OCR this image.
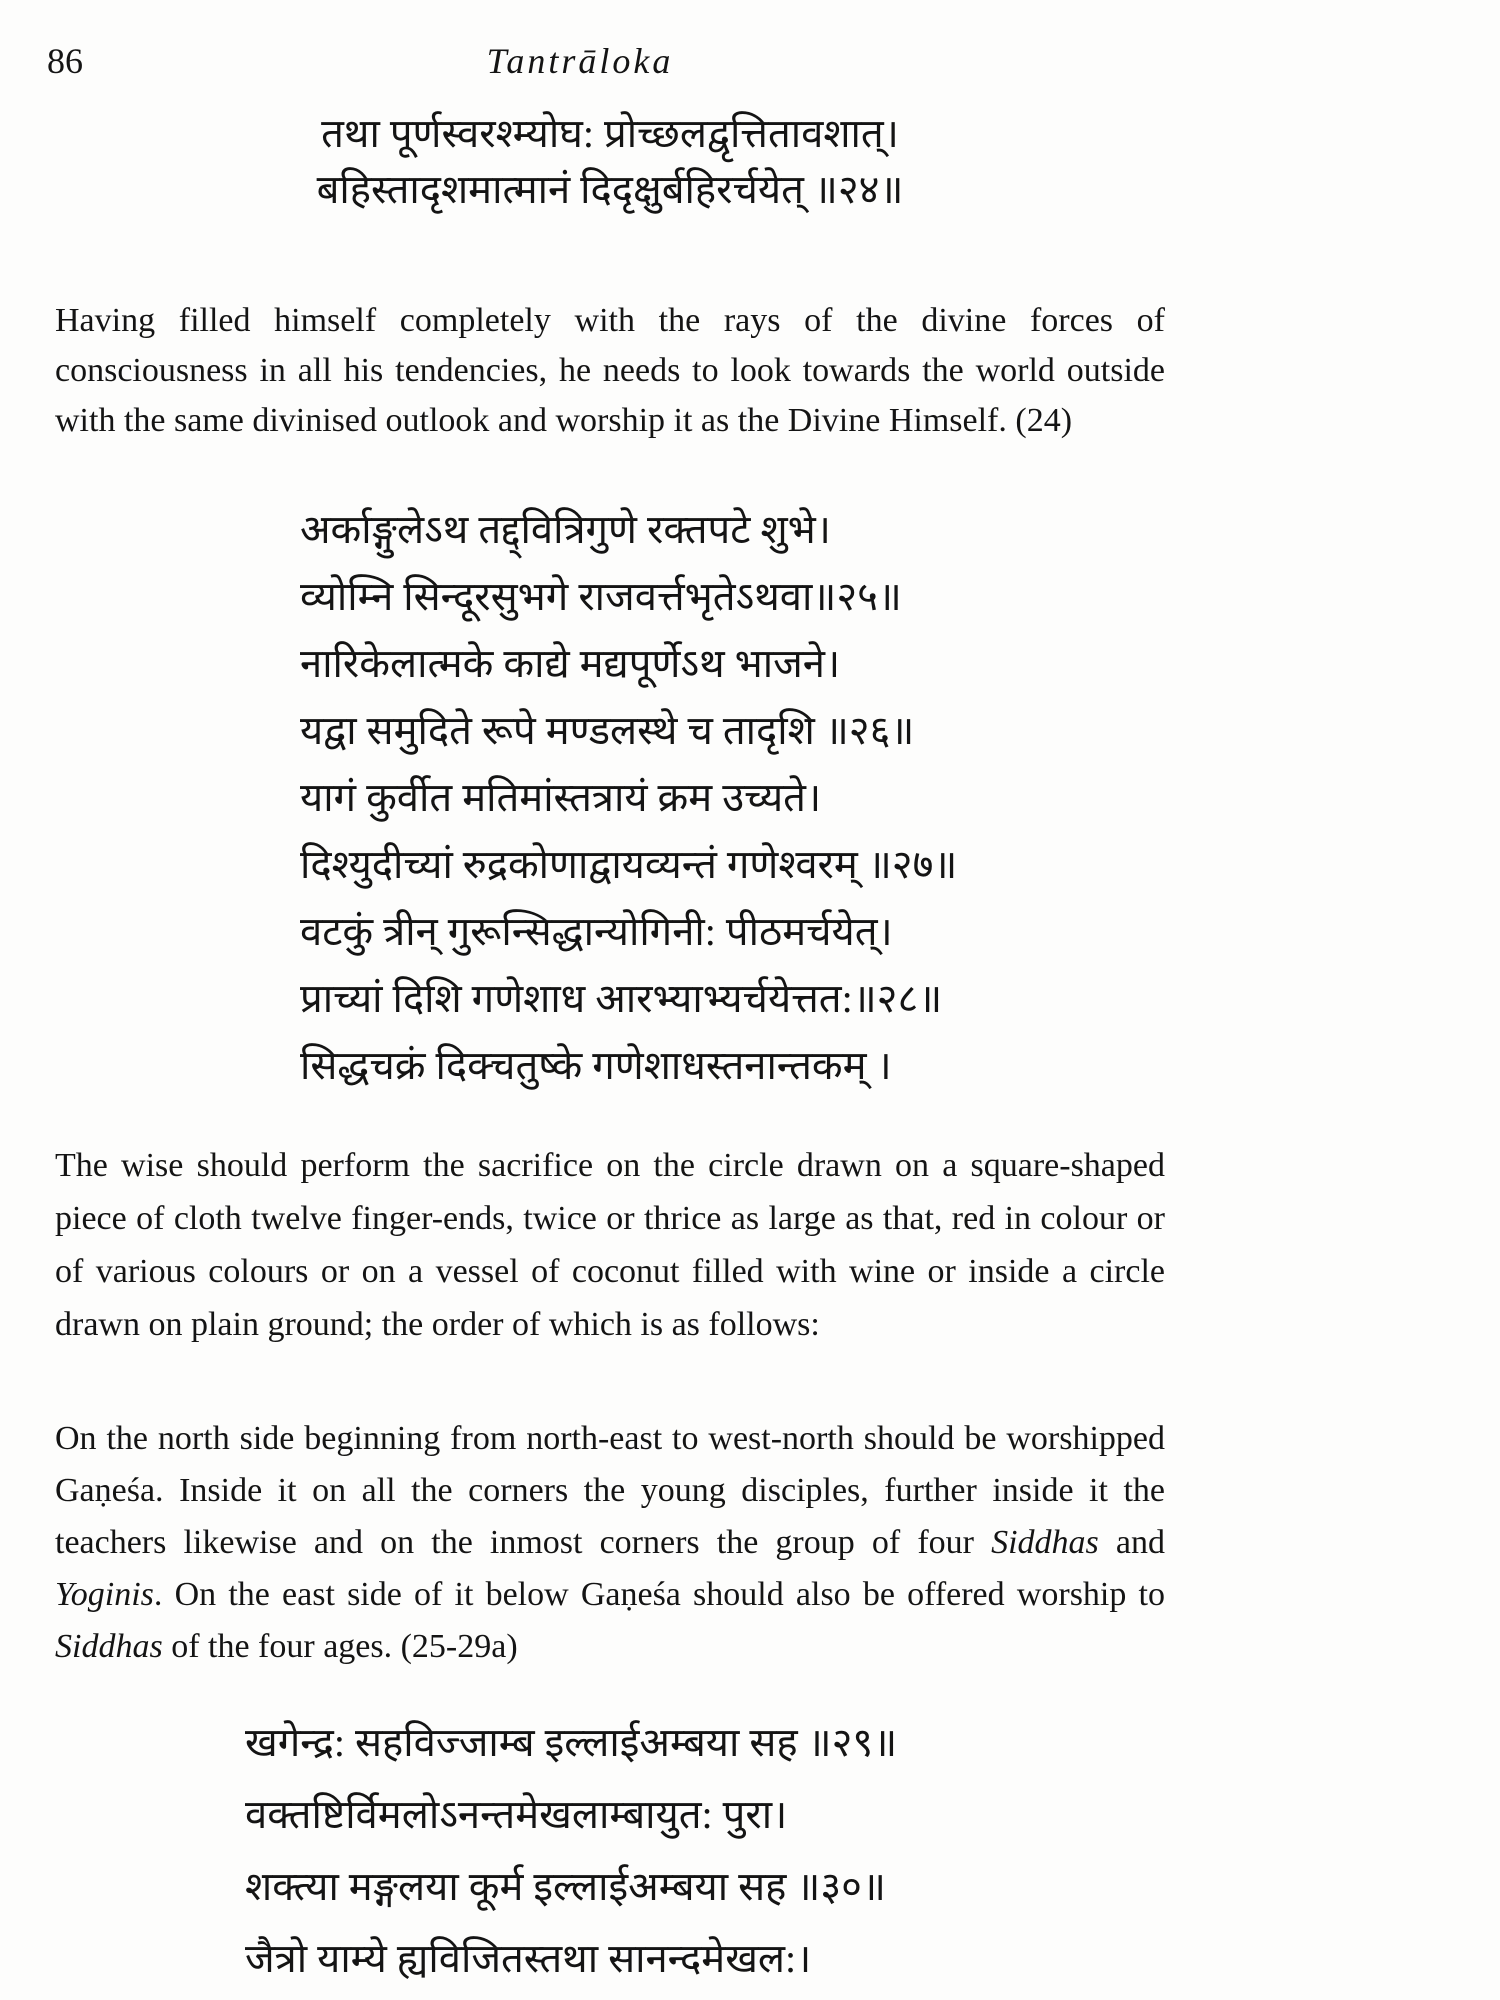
86	Tantrāloka
तथा पूर्णस्वरश्म्योघ: प्रोच्छलद्वृत्तितावशात्।
बहिस्तादृशमात्मानं दिदृक्षुर्बहिरर्चयेत् ॥२४॥

Having filled himself completely with the rays of the divine forces of consciousness in all his tendencies, he needs to look towards the world outside with the same divinised outlook and worship it as the Divine Himself. (24)

अर्काङ्गुलेऽथ तद्द्वित्रिगुणे रक्तपटे शुभे।
व्योम्नि सिन्दूरसुभगे राजवर्त्तभृतेऽथवा॥२५॥
नारिकेलात्मके काद्ये मद्यपूर्णेऽथ भाजने।
यद्वा समुदिते रूपे मण्डलस्थे च तादृशि ॥२६॥
यागं कुर्वीत मतिमांस्तत्रायं क्रम उच्यते।
दिश्युदीच्यां रुद्रकोणाद्वायव्यन्तं गणेश्वरम् ॥२७॥
वटकुं त्रीन् गुरून्सिद्धान्योगिनी: पीठमर्चयेत्।
प्राच्यां दिशि गणेशाध आरभ्याभ्यर्चयेत्तत:॥२८॥
सिद्धचक्रं दिक्चतुष्के गणेशाधस्तनान्तकम् ।

The wise should perform the sacrifice on the circle drawn on a square-shaped piece of cloth twelve finger-ends, twice or thrice as large as that, red in colour or of various colours or on a vessel of coconut filled with wine or inside a circle drawn on plain ground; the order of which is as follows:

On the north side beginning from north-east to west-north should be worshipped Gaṇeśa. Inside it on all the corners the young disciples, further inside it the teachers likewise and on the inmost corners the group of four Siddhas and Yoginis. On the east side of it below Gaṇeśa should also be offered worship to Siddhas of the four ages. (25-29a)

खगेन्द्र: सहविज्जाम्ब इल्लाईअम्बया सह ॥२९॥
वक्तष्टिर्विमलोऽनन्तमेखलाम्बायुत: पुरा।
शक्त्या मङ्गलया कूर्म इल्लाईअम्बया सह ॥३०॥
जैत्रो याम्ये ह्यविजितस्तथा सानन्दमेखल:।
